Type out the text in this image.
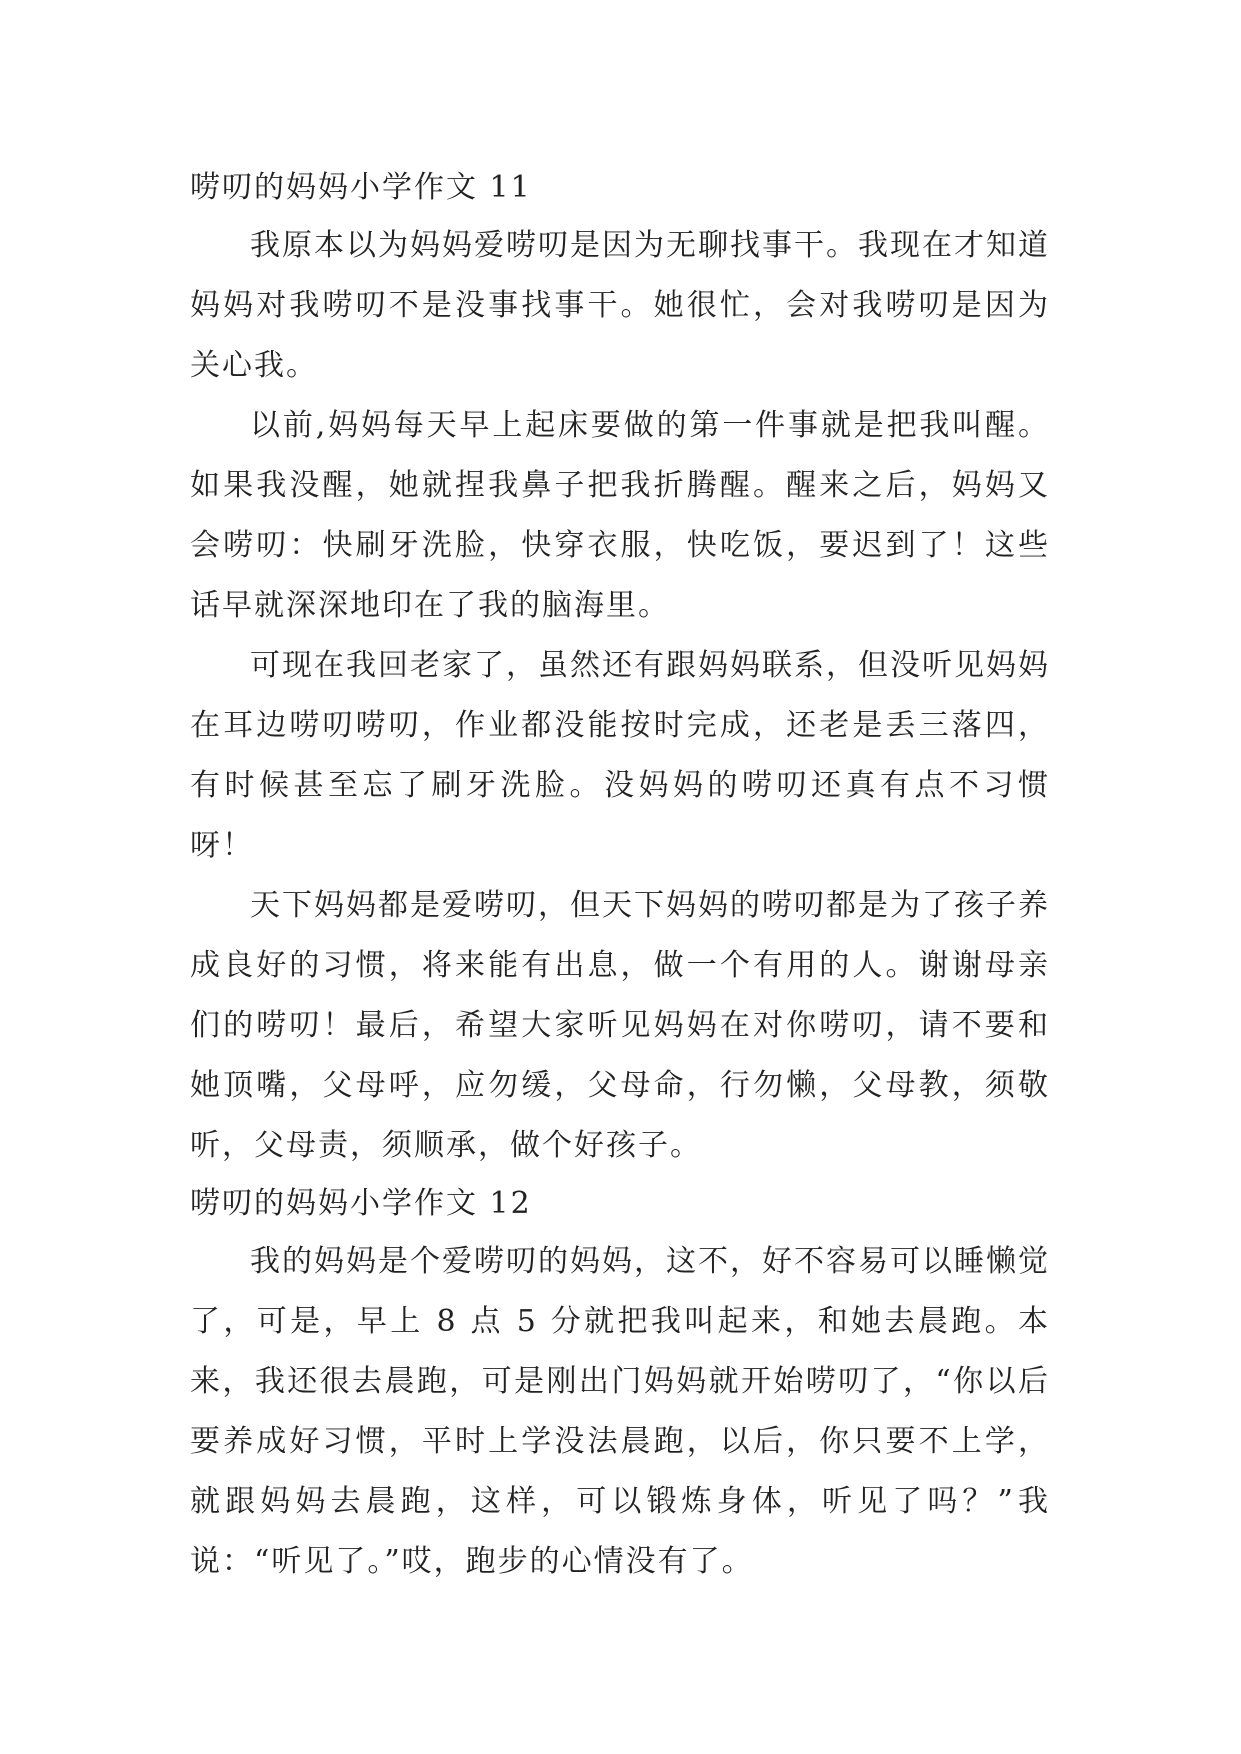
唠叨的妈妈小学作文 11

我原本以为妈妈爱唠叨是因为无聊找事干。我现在才知道妈妈对我唠叨不是没事找事干。她很忙，会对我唠叨是因为关心我。

以前,妈妈每天早上起床要做的第一件事就是把我叫醒。如果我没醒，她就捏我鼻子把我折腾醒。醒来之后，妈妈又会唠叨：快刷牙洗脸，快穿衣服，快吃饭，要迟到了！这些话早就深深地印在了我的脑海里。

可现在我回老家了，虽然还有跟妈妈联系，但没听见妈妈在耳边唠叨唠叨，作业都没能按时完成，还老是丢三落四，有时候甚至忘了刷牙洗脸。没妈妈的唠叨还真有点不习惯呀！

天下妈妈都是爱唠叨，但天下妈妈的唠叨都是为了孩子养成良好的习惯，将来能有出息，做一个有用的人。谢谢母亲们的唠叨！最后，希望大家听见妈妈在对你唠叨，请不要和她顶嘴，父母呼，应勿缓，父母命，行勿懒，父母教，须敬听，父母责，须顺承，做个好孩子。

唠叨的妈妈小学作文 12

我的妈妈是个爱唠叨的妈妈，这不，好不容易可以睡懒觉了，可是，早上 8 点 5 分就把我叫起来，和她去晨跑。本来，我还很去晨跑，可是刚出门妈妈就开始唠叨了，“你以后要养成好习惯，平时上学没法晨跑，以后，你只要不上学，就跟妈妈去晨跑，这样，可以锻炼身体，听见了吗？”我说：“听见了。”哎，跑步的心情没有了。
